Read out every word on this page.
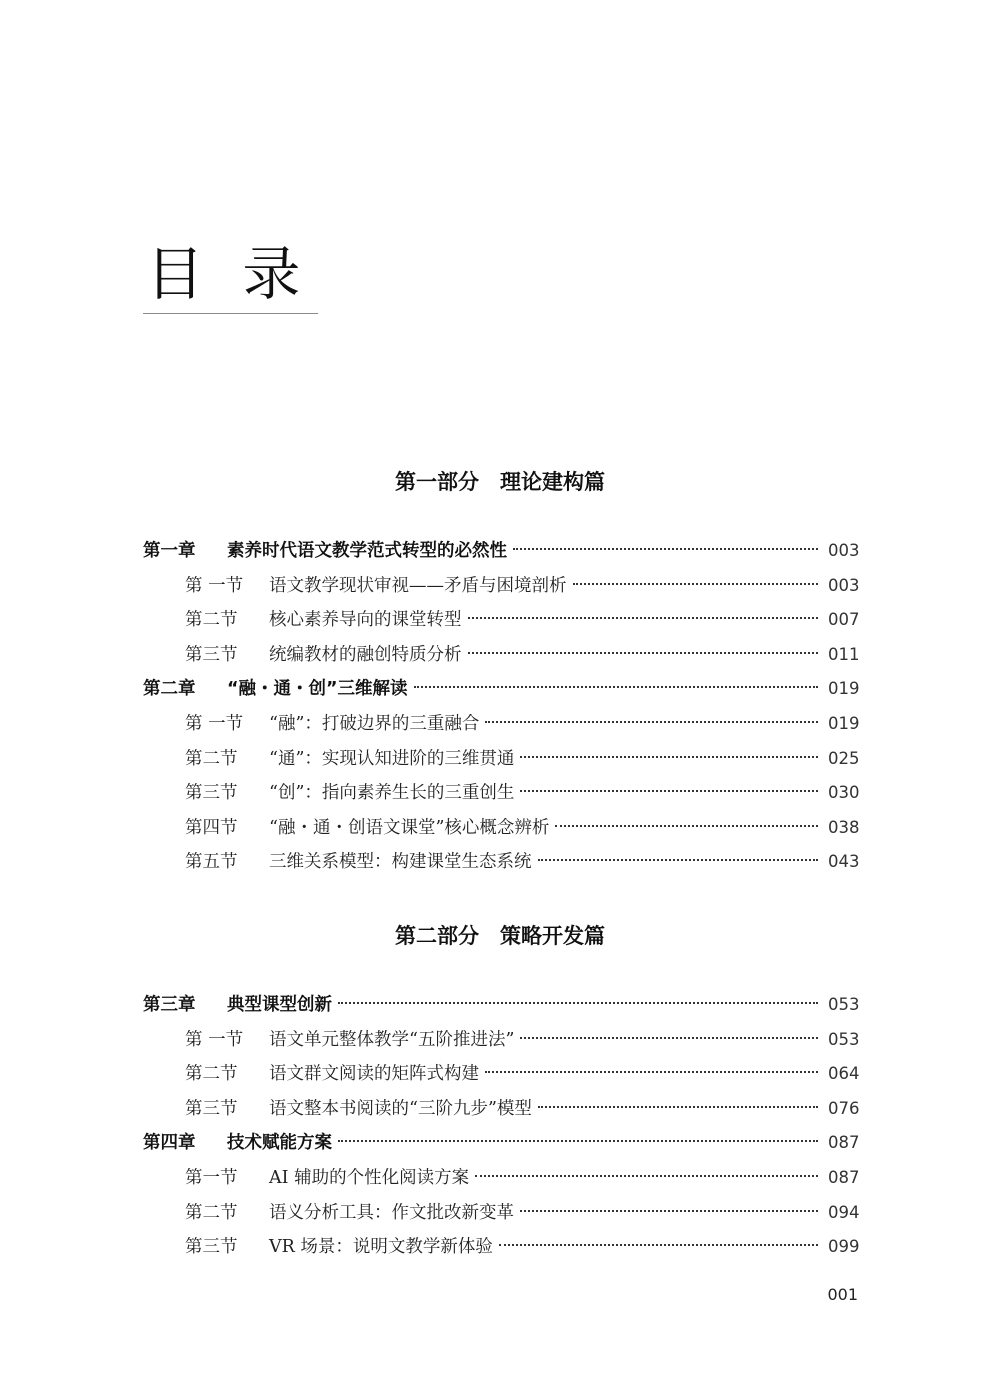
目 录
第一部分　理论建构篇
第一章	素养时代语文教学范式转型的必然性	003
第 一节	语文教学现状审视——矛盾与困境剖析	003
第二节	核心素养导向的课堂转型	007
第三节	统编教材的融创特质分析	011
第二章	“融・通・创”三维解读	019
第 一节	“融”：打破边界的三重融合	019
第二节	“通”：实现认知进阶的三维贯通	025
第三节	“创”：指向素养生长的三重创生	030
第四节	“融・通・创语文课堂”核心概念辨析	038
第五节	三维关系模型：构建课堂生态系统	043
第二部分　策略开发篇
第三章	典型课型创新	053
第 一节	语文单元整体教学“五阶推进法”	053
第二节	语文群文阅读的矩阵式构建	064
第三节	语文整本书阅读的“三阶九步”模型	076
第四章	技术赋能方案	087
第一节	AI 辅助的个性化阅读方案	087
第二节	语义分析工具：作文批改新变革	094
第三节	VR 场景：说明文教学新体验	099
001
